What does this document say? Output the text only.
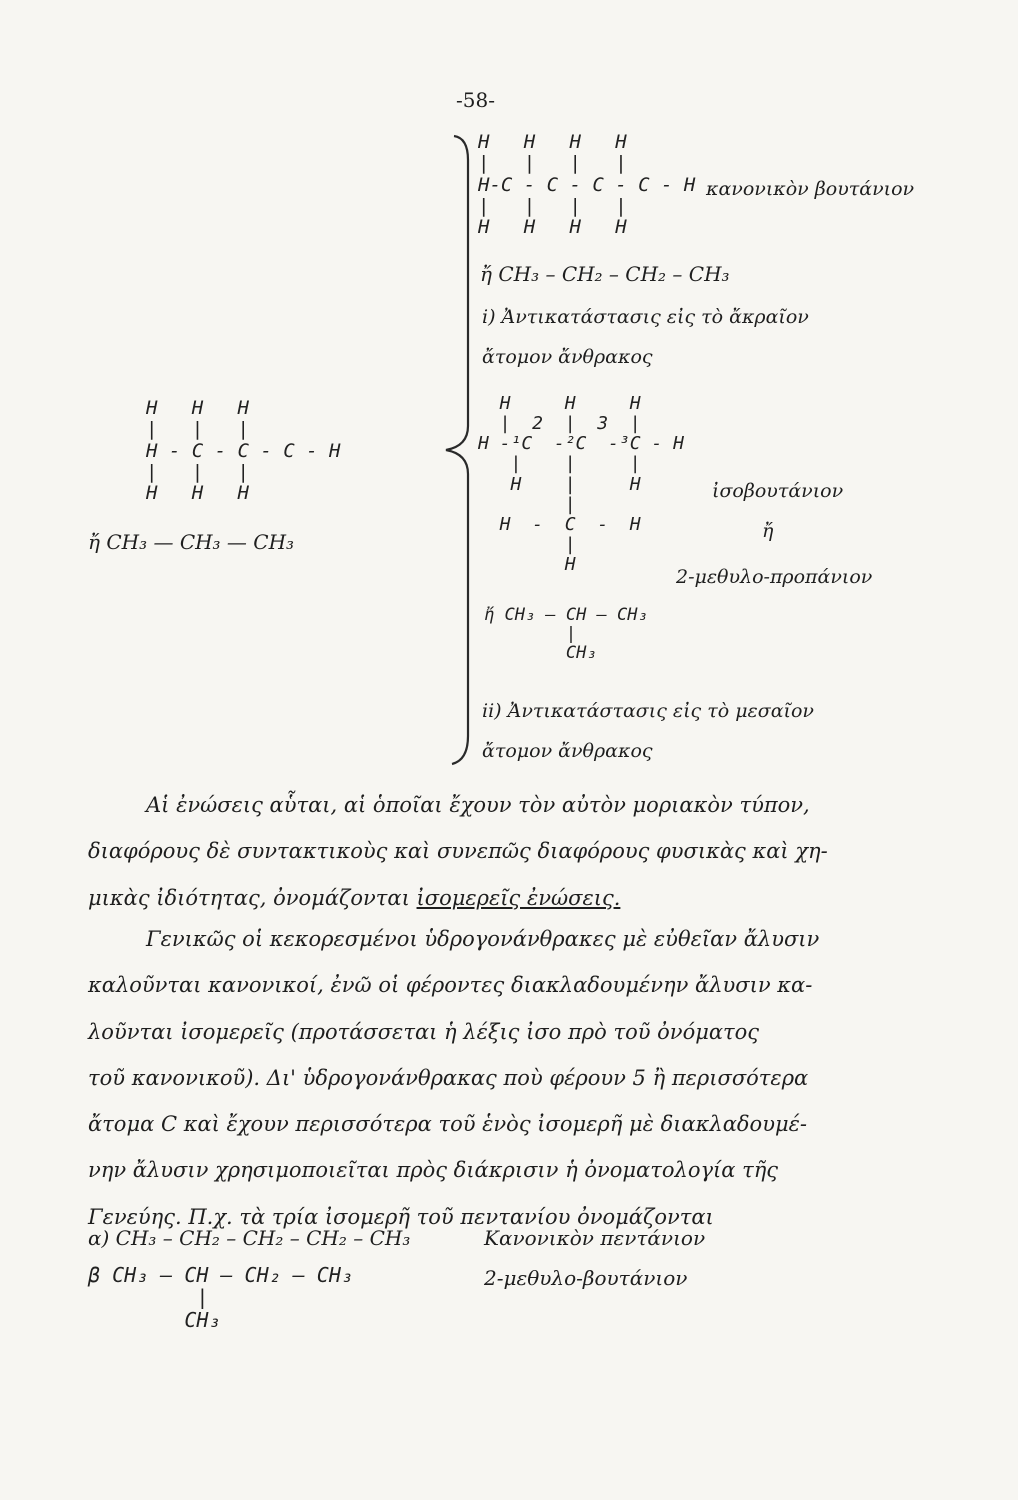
-58-
H   H   H
|   |   |
H - C - C - C - H
|   |   |
H   H   H
ἤ CH₃ — CH₃ — CH₃
H   H   H   H
|   |   |   |
H-C - C - C - C - H
|   |   |   |
H   H   H   H
κανονικὸν βουτάνιον
ἤ CH₃ – CH₂ – CH₂ – CH₃
i) Ἀντικατάστασις εἰς τὸ ἄκραῖον
ἄτομον ἄνθρακος
H     H     H
|  2  |  3  |
H -¹C  -²C  -³C - H
|    |     |
H    |     H
|
H  -  C  -  H
|
H
ἰσοβουτάνιον
ἤ
2-μεθυλο-προπάνιον
ἤ CH₃ – CH – CH₃
|
CH₃
ii) Ἀντικατάστασις εἰς τὸ μεσαῖον
ἄτομον ἄνθρακος

Αἱ ἐνώσεις αὗται, αἱ ὁποῖαι ἔχουν τὸν αὐτὸν μοριακὸν τύπον,

διαφόρους δὲ συντακτικοὺς καὶ συνεπῶς διαφόρους φυσικὰς καὶ χη-

μικὰς ἰδιότητας, ὀνομάζονται ἰσομερεῖς ἐνώσεις.

Γενικῶς οἱ κεκορεσμένοι ὑδρογονάνθρακες μὲ εὐθεῖαν ἄλυσιν

καλοῦνται κανονικοί, ἐνῶ οἱ φέροντες διακλαδουμένην ἄλυσιν κα-

λοῦνται ἰσομερεῖς (προτάσσεται ἡ λέξις ἰσο πρὸ τοῦ ὀνόματος

τοῦ κανονικοῦ). Δι' ὑδρογονάνθρακας ποὺ φέρουν 5 ἢ περισσότερα

ἄτομα C καὶ ἔχουν περισσότερα τοῦ ἑνὸς ἰσομερῆ μὲ διακλαδουμέ-

νην ἄλυσιν χρησιμοποιεῖται πρὸς διάκρισιν ἡ ὀνοματολογία τῆς

Γενεύης. Π.χ. τὰ τρία ἰσομερῆ τοῦ πεντανίου ὀνομάζονται

α) CH₃ – CH₂ – CH₂ – CH₂ – CH₃	Κανονικὸν πεντάνιον
β CH₃ — CH — CH₂ — CH₃
|
CH₃
2-μεθυλο-βουτάνιον
